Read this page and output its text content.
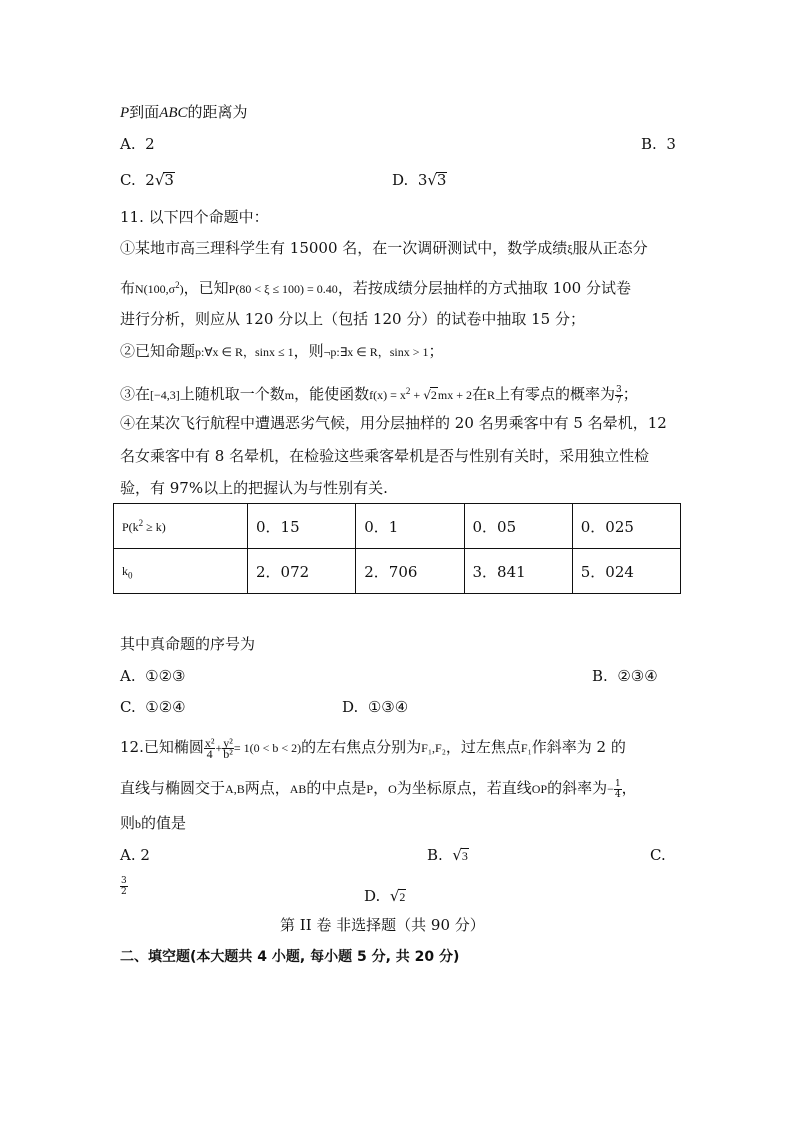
P到面ABC的距离为
A. 2	B. 3
C. 2√3	D. 3√3
11. 以下四个命题中：
①某地市高三理科学生有 15000 名，在一次调研测试中，数学成绩ξ服从正态分
布$N(100,\sigma^2)$，已知P(80 < ξ ≤ 100) = 0.40，若按成绩分层抽样的方式抽取 100 分试卷
进行分析，则应从 120 分以上（包括 120 分）的试卷中抽取 15 分；
②已知命题p:∀x ∈ R，sinx ≤ 1，则¬p:∃x ∈ R，sinx > 1；
③在[−4,3]上随机取一个数m，能使函数$f(x) = x^2 + √2mx + 2$在R上有零点的概率为 $\frac{3}{7}$ ；
④在某次飞行航程中遭遇恶劣气候，用分层抽样的 20 名男乘客中有 5 名晕机，12
名女乘客中有 8 名晕机，在检验这些乘客晕机是否与性别有关时，采用独立性检
验，有 97%以上的把握认为与性别有关.
$P(k^2 \ge k)$	0．15	0．1	0．05	0．025
$k_0$	2．072	2．706	3．841	5．024
其中真命题的序号为
A. ①②③	B. ②③④
C. ①②④	D. ①③④
12.已知椭圆 $\frac{\text{x²}}{4} + \frac{\text{y²}}{\text{b²}} = 1(0 < b < 2)$的左右焦点分别为F₁,F₂，过左焦点F₁作斜率为 2 的
直线与椭圆交于A,B两点，AB的中点是P，O为坐标原点，若直线OP的斜率为− $\frac{1}{4}$ ，
则b的值是
A. 2	B. √3	C.
$\frac{3}{2}$	D. √2
第 II 卷 非选择题（共 90 分）
二、填空题(本大题共 4 小题, 每小题 5 分, 共 20 分)
